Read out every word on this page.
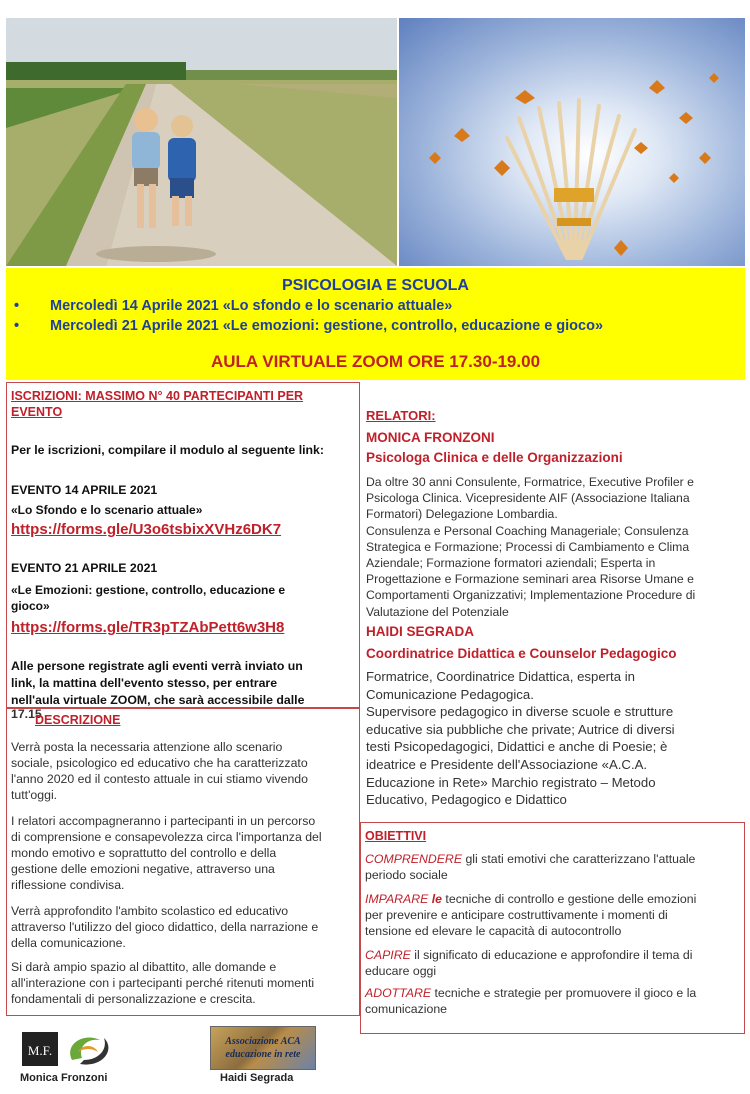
PSICOLOGIA E SCUOLA
• Mercoledì 14 Aprile 2021 «Lo sfondo e lo scenario attuale»
• Mercoledì 21 Aprile 2021 «Le emozioni: gestione, controllo, educazione e gioco»
AULA VIRTUALE ZOOM ORE 17.30-19.00
ISCRIZIONI: MASSIMO N° 40 PARTECIPANTI PER
EVENTO
Per le iscrizioni, compilare il modulo al seguente link:
EVENTO 14 APRILE 2021
«Lo Sfondo e lo scenario attuale»
https://forms.gle/U3o6tsbixXVHz6DK7
EVENTO 21 APRILE 2021
«Le Emozioni: gestione, controllo, educazione e
gioco»
https://forms.gle/TR3pTZAbPett6w3H8
Alle persone registrate agli eventi verrà inviato un
link, la mattina dell'evento stesso, per entrare
nell'aula virtuale ZOOM, che sarà accessibile dalle
17.15
DESCRIZIONE
Verrà posta la necessaria attenzione allo scenario
sociale, psicologico ed educativo che ha caratterizzato
l'anno 2020 ed il contesto attuale in cui stiamo vivendo
tutt'oggi.
I relatori accompagneranno i partecipanti in un percorso
di comprensione e consapevolezza circa l'importanza del
mondo emotivo e soprattutto del controllo e della
gestione delle emozioni negative, attraverso una
riflessione condivisa.
Verrà approfondito l'ambito scolastico ed educativo
attraverso l'utilizzo del gioco didattico, della narrazione e
della comunicazione.
Si darà ampio spazio al dibattito, alle domande e
all'interazione con i partecipanti perché ritenuti momenti
fondamentali di personalizzazione e crescita.
RELATORI:
MONICA FRONZONI
Psicologa Clinica e delle Organizzazioni
Da oltre 30 anni Consulente, Formatrice, Executive Profiler e
Psicologa Clinica. Vicepresidente AIF (Associazione Italiana
Formatori) Delegazione Lombardia.
Consulenza e Personal Coaching Manageriale; Consulenza
Strategica e Formazione; Processi di Cambiamento e Clima
Aziendale; Formazione formatori aziendali; Esperta in
Progettazione e Formazione seminari area Risorse Umane e
Comportamenti Organizzativi; Implementazione Procedure di
Valutazione del Potenziale
HAIDI SEGRADA
Coordinatrice Didattica e Counselor Pedagogico
Formatrice, Coordinatrice Didattica, esperta in
Comunicazione Pedagogica.
Supervisore pedagogico in diverse scuole e strutture
educative sia pubbliche che private; Autrice di diversi
testi Psicopedagogici, Didattici e anche di Poesie; è
ideatrice e Presidente dell'Associazione «A.C.A.
Educazione in Rete» Marchio registrato – Metodo
Educativo, Pedagogico e Didattico
OBIETTIVI
COMPRENDERE gli stati emotivi che caratterizzano l'attuale
periodo sociale
IMPARARE le tecniche di controllo e gestione delle emozioni
per prevenire e anticipare costruttivamente i momenti di
tensione ed elevare le capacità di autocontrollo
CAPIRE il significato di educazione e approfondire il tema di
educare oggi
ADOTTARE tecniche e strategie per promuovere il gioco e la
comunicazione
M.F.
Monica Fronzoni
Associazione ACA
educazione in rete
Haidi Segrada
